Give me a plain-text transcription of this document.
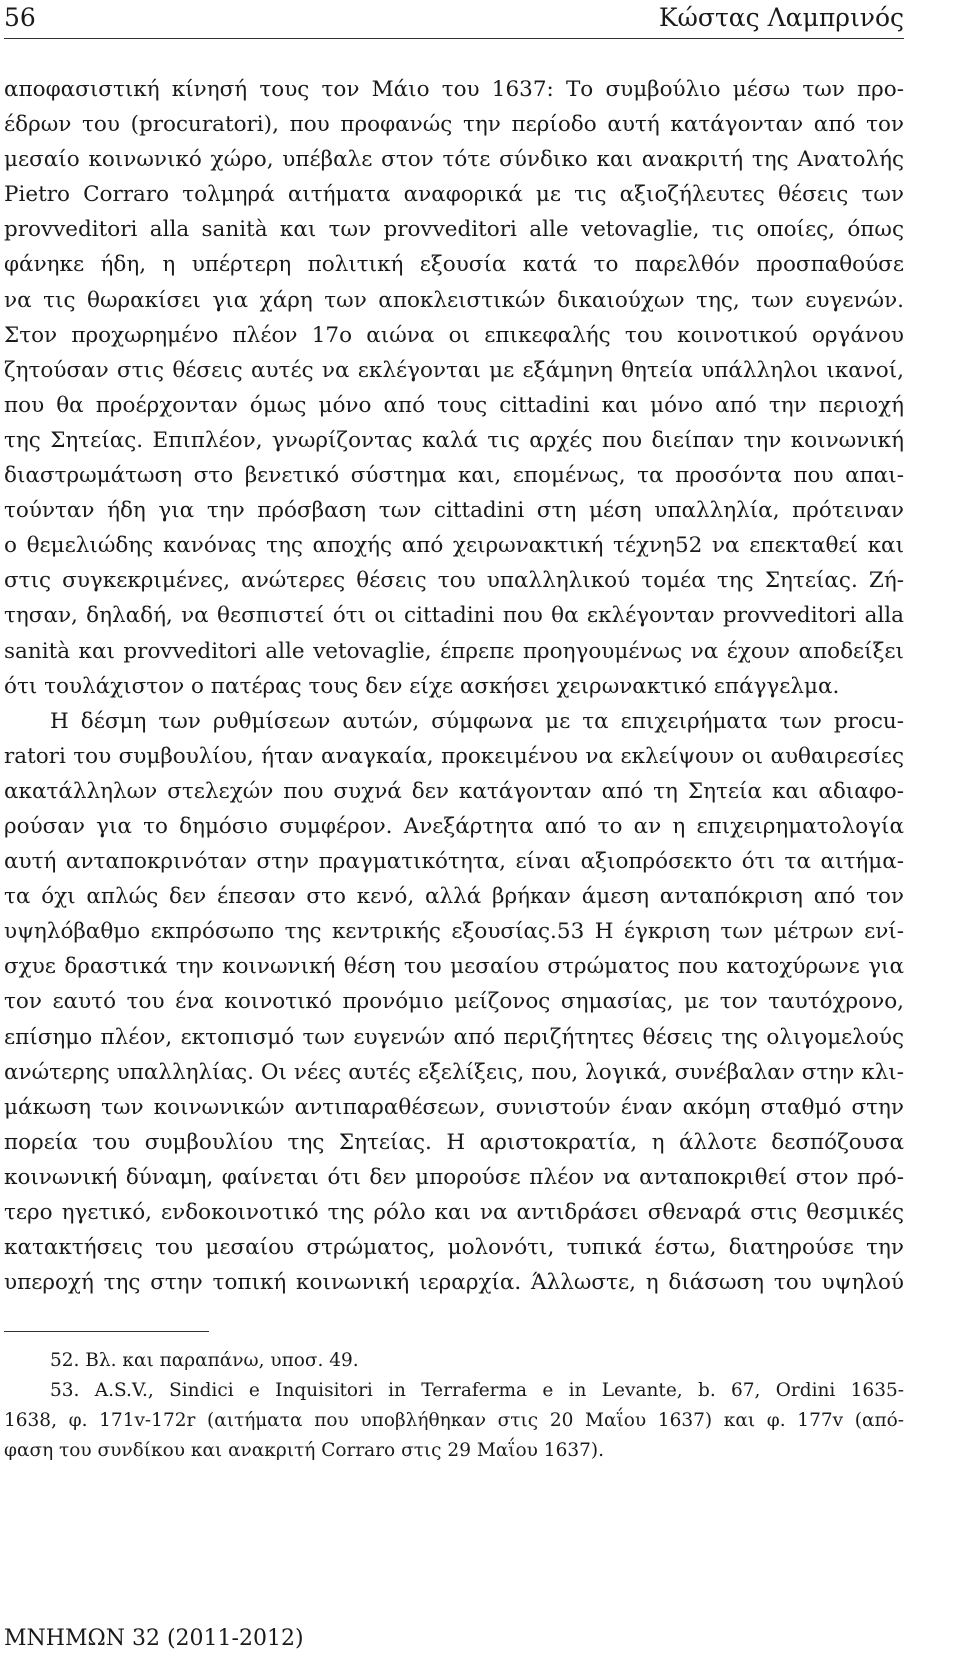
56	Κώστας Λαμπρινός
αποφασιστική κίνησή τους τον Μάιο του 1637: Το συμβούλιο μέσω των προ-
έδρων του (procuratori), που προφανώς την περίοδο αυτή κατάγονταν από τον
μεσαίο κοινωνικό χώρο, υπέβαλε στον τότε σύνδικο και ανακριτή της Ανατολής
Pietro Corraro τολμηρά αιτήματα αναφορικά με τις αξιοζήλευτες θέσεις των
provveditori alla sanità και των provveditori alle vetovaglie, τις οποίες, όπως
φάνηκε ήδη, η υπέρτερη πολιτική εξουσία κατά το παρελθόν προσπαθούσε
να τις θωρακίσει για χάρη των αποκλειστικών δικαιούχων της, των ευγενών.
Στον προχωρημένο πλέον 17ο αιώνα οι επικεφαλής του κοινοτικού οργάνου
ζητούσαν στις θέσεις αυτές να εκλέγονται με εξάμηνη θητεία υπάλληλοι ικανοί,
που θα προέρχονταν όμως μόνο από τους cittadini και μόνο από την περιοχή
της Σητείας. Επιπλέον, γνωρίζοντας καλά τις αρχές που διείπαν την κοινωνική
διαστρωμάτωση στο βενετικό σύστημα και, επομένως, τα προσόντα που απαι-
τούνταν ήδη για την πρόσβαση των cittadini στη μέση υπαλληλία, πρότειναν
ο θεμελιώδης κανόνας της αποχής από χειρωνακτική τέχνη52 να επεκταθεί και
στις συγκεκριμένες, ανώτερες θέσεις του υπαλληλικού τομέα της Σητείας. Ζή-
τησαν, δηλαδή, να θεσπιστεί ότι οι cittadini που θα εκλέγονταν provveditori alla
sanità και provveditori alle vetovaglie, έπρεπε προηγουμένως να έχουν αποδείξει
ότι τουλάχιστον ο πατέρας τους δεν είχε ασκήσει χειρωνακτικό επάγγελμα.
Η δέσμη των ρυθμίσεων αυτών, σύμφωνα με τα επιχειρήματα των procu-
ratori του συμβουλίου, ήταν αναγκαία, προκειμένου να εκλείψουν οι αυθαιρεσίες
ακατάλληλων στελεχών που συχνά δεν κατάγονταν από τη Σητεία και αδιαφο-
ρούσαν για το δημόσιο συμφέρον. Ανεξάρτητα από το αν η επιχειρηματολογία
αυτή ανταποκρινόταν στην πραγματικότητα, είναι αξιοπρόσεκτο ότι τα αιτήμα-
τα όχι απλώς δεν έπεσαν στο κενό, αλλά βρήκαν άμεση ανταπόκριση από τον
υψηλόβαθμο εκπρόσωπο της κεντρικής εξουσίας.53 Η έγκριση των μέτρων ενί-
σχυε δραστικά την κοινωνική θέση του μεσαίου στρώματος που κατοχύρωνε για
τον εαυτό του ένα κοινοτικό προνόμιο μείζονος σημασίας, με τον ταυτόχρονο,
επίσημο πλέον, εκτοπισμό των ευγενών από περιζήτητες θέσεις της ολιγομελούς
ανώτερης υπαλληλίας. Οι νέες αυτές εξελίξεις, που, λογικά, συνέβαλαν στην κλι-
μάκωση των κοινωνικών αντιπαραθέσεων, συνιστούν έναν ακόμη σταθμό στην
πορεία του συμβουλίου της Σητείας. Η αριστοκρατία, η άλλοτε δεσπόζουσα
κοινωνική δύναμη, φαίνεται ότι δεν μπορούσε πλέον να ανταποκριθεί στον πρό-
τερο ηγετικό, ενδοκοινοτικό της ρόλο και να αντιδράσει σθεναρά στις θεσμικές
κατακτήσεις του μεσαίου στρώματος, μολονότι, τυπικά έστω, διατηρούσε την
υπεροχή της στην τοπική κοινωνική ιεραρχία. Άλλωστε, η διάσωση του υψηλού
52. Βλ. και παραπάνω, υποσ. 49.
53. A.S.V., Sindici e Inquisitori in Terraferma e in Levante, b. 67, Ordini 1635-
1638, φ. 171v-172r (αιτήματα που υποβλήθηκαν στις 20 Μαΐου 1637) και φ. 177v (από-
φαση του συνδίκου και ανακριτή Corraro στις 29 Μαΐου 1637).
ΜΝΗΜΩΝ 32 (2011-2012)
